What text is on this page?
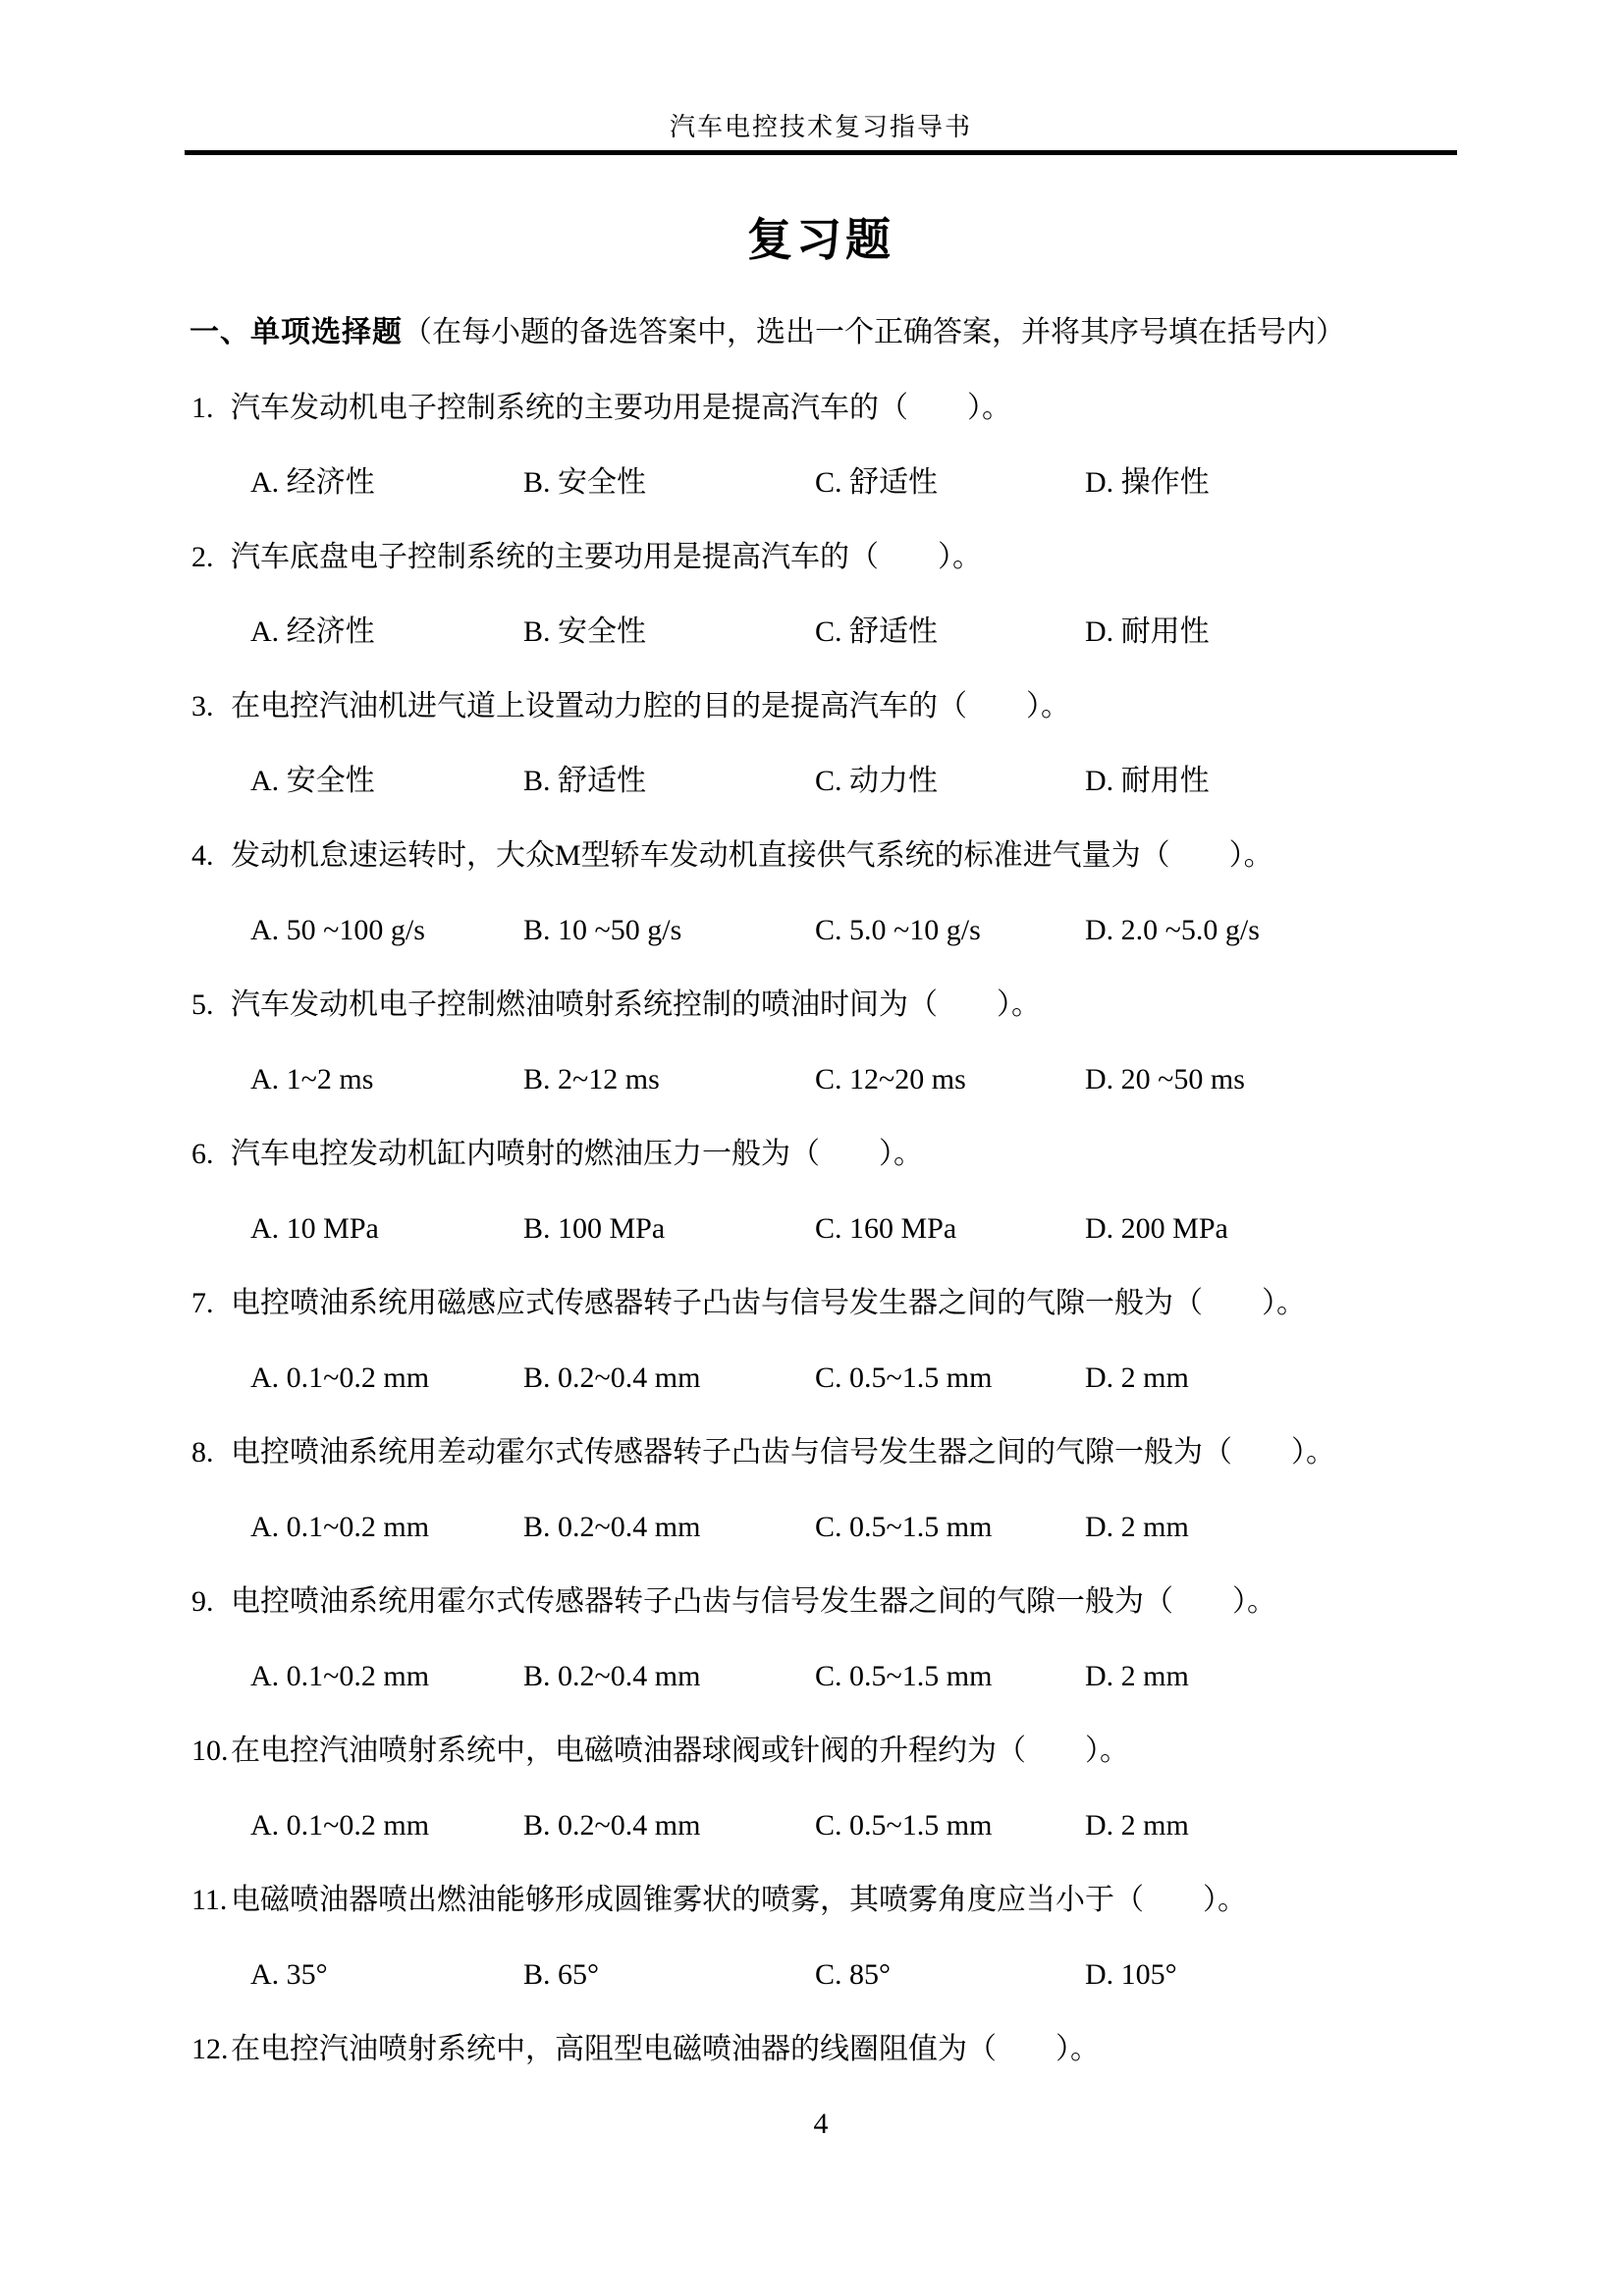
汽车电控技术复习指导书
复习题
一、单项选择题（在每小题的备选答案中，选出一个正确答案，并将其序号填在括号内）
1. 汽车发动机电子控制系统的主要功用是提高汽车的（　　）。
A. 经济性	B. 安全性	C. 舒适性	D. 操作性
2. 汽车底盘电子控制系统的主要功用是提高汽车的（　　）。
A. 经济性	B. 安全性	C. 舒适性	D. 耐用性
3. 在电控汽油机进气道上设置动力腔的目的是提高汽车的（　　）。
A. 安全性	B. 舒适性	C. 动力性	D. 耐用性
4. 发动机怠速运转时，大众M型轿车发动机直接供气系统的标准进气量为（　　）。
A. 50 ~100 g/s	B. 10 ~50 g/s	C. 5.0 ~10 g/s	D. 2.0 ~5.0 g/s
5. 汽车发动机电子控制燃油喷射系统控制的喷油时间为（　　）。
A. 1~2 ms	B. 2~12 ms	C. 12~20 ms	D. 20 ~50 ms
6. 汽车电控发动机缸内喷射的燃油压力一般为（　　）。
A. 10 MPa	B. 100 MPa	C. 160 MPa	D. 200 MPa
7. 电控喷油系统用磁感应式传感器转子凸齿与信号发生器之间的气隙一般为（　　）。
A. 0.1~0.2 mm	B. 0.2~0.4 mm	C. 0.5~1.5 mm	D. 2 mm
8. 电控喷油系统用差动霍尔式传感器转子凸齿与信号发生器之间的气隙一般为（　　）。
A. 0.1~0.2 mm	B. 0.2~0.4 mm	C. 0.5~1.5 mm	D. 2 mm
9. 电控喷油系统用霍尔式传感器转子凸齿与信号发生器之间的气隙一般为（　　）。
A. 0.1~0.2 mm	B. 0.2~0.4 mm	C. 0.5~1.5 mm	D. 2 mm
10.在电控汽油喷射系统中，电磁喷油器球阀或针阀的升程约为（　　）。
A. 0.1~0.2 mm	B. 0.2~0.4 mm	C. 0.5~1.5 mm	D. 2 mm
11. 电磁喷油器喷出燃油能够形成圆锥雾状的喷雾，其喷雾角度应当小于（　　）。
A. 35°	B. 65°	C. 85°	D. 105°
12.在电控汽油喷射系统中，高阻型电磁喷油器的线圈阻值为（　　）。
4
